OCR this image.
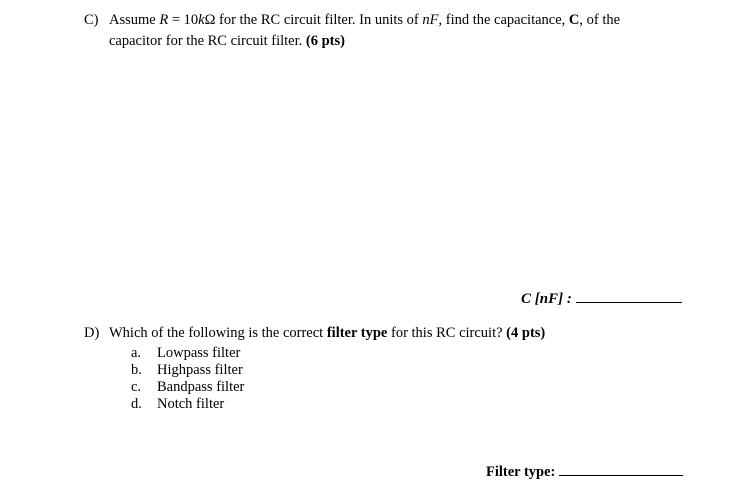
C) Assume R = 10kΩ for the RC circuit filter. In units of nF, find the capacitance, C, of the
capacitor for the RC circuit filter. (6 pts)
C [nF] :
D) Which of the following is the correct filter type for this RC circuit? (4 pts)
a. Lowpass filter
b. Highpass filter
c. Bandpass filter
d. Notch filter
Filter type:
